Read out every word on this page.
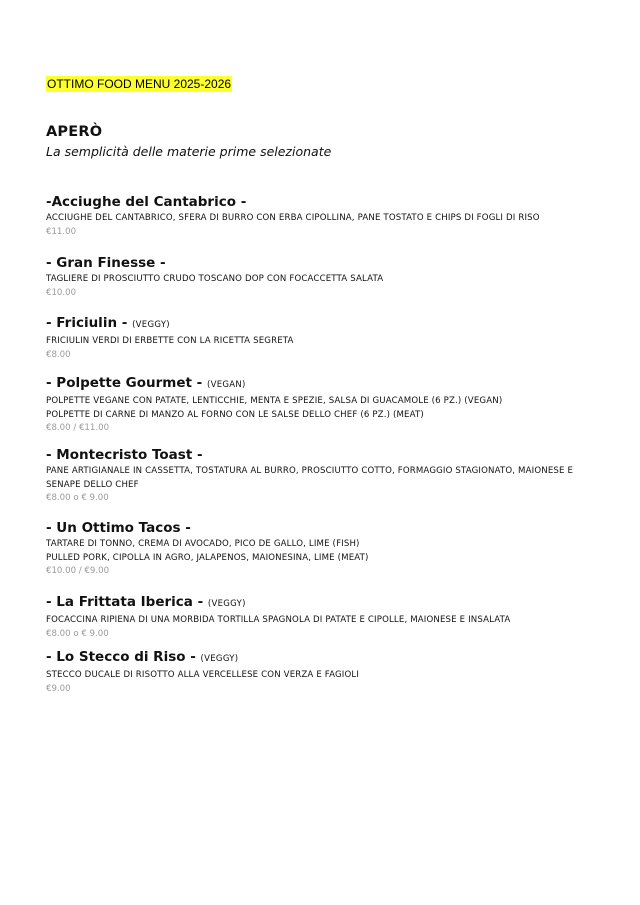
OTTIMO FOOD MENU 2025-2026
APERÒ
La semplicità delle materie prime selezionate
-Acciughe del Cantabrico -
ACCIUGHE DEL CANTABRICO, SFERA DI BURRO CON ERBA CIPOLLINA, PANE TOSTATO E CHIPS DI FOGLI DI RISO
€11.00
- Gran Finesse -
TAGLIERE DI PROSCIUTTO CRUDO TOSCANO DOP CON FOCACCETTA SALATA
€10.00
- Friciulin - (VEGGY)
FRICIULIN VERDI DI ERBETTE CON LA RICETTA SEGRETA
€8.00
- Polpette Gourmet - (VEGAN)
POLPETTE VEGANE CON PATATE, LENTICCHIE, MENTA E SPEZIE, SALSA DI GUACAMOLE (6 PZ.) (VEGAN)
POLPETTE DI CARNE DI MANZO AL FORNO CON LE SALSE DELLO CHEF (6 PZ.) (MEAT)
€8.00 / €11.00
- Montecristo Toast -
PANE ARTIGIANALE IN CASSETTA, TOSTATURA AL BURRO, PROSCIUTTO COTTO, FORMAGGIO STAGIONATO, MAIONESE E
SENAPE DELLO CHEF
€8.00 o € 9.00
- Un Ottimo Tacos -
TARTARE DI TONNO, CREMA DI AVOCADO, PICO DE GALLO, LIME (FISH)
PULLED PORK, CIPOLLA IN AGRO, JALAPENOS, MAIONESINA, LIME (MEAT)
€10.00 / €9.00
- La Frittata Iberica - (VEGGY)
FOCACCINA RIPIENA DI UNA MORBIDA TORTILLA SPAGNOLA DI PATATE E CIPOLLE, MAIONESE E INSALATA
€8.00 o € 9.00
- Lo Stecco di Riso - (VEGGY)
STECCO DUCALE DI RISOTTO ALLA VERCELLESE CON VERZA E FAGIOLI
€9.00
